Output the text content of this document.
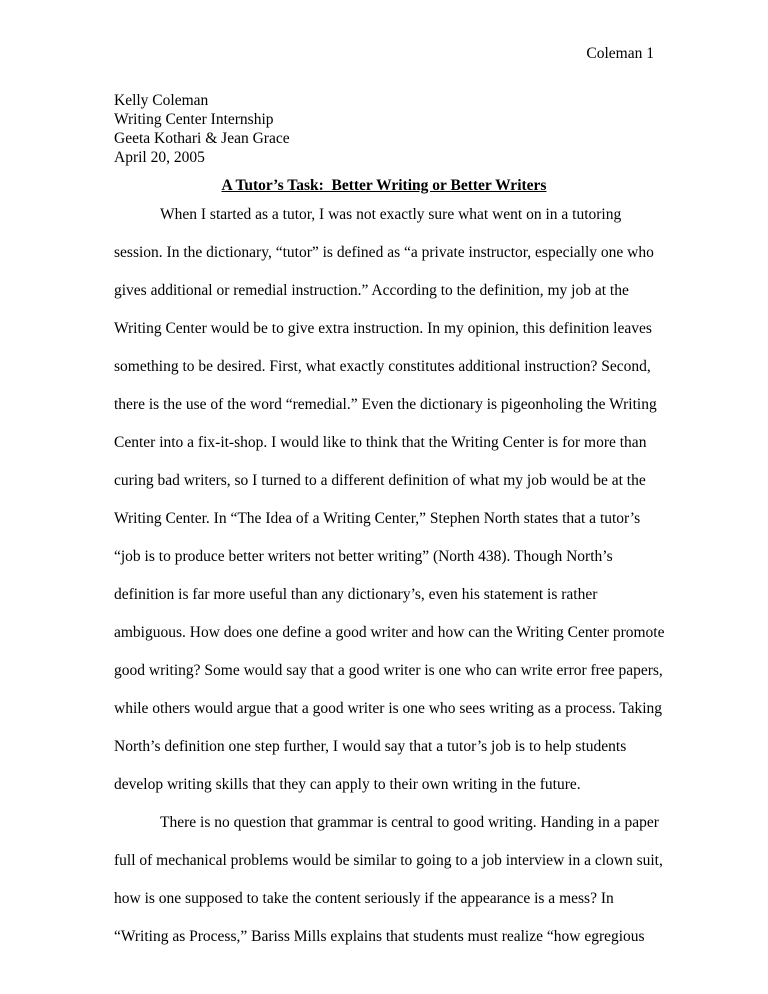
Coleman 1
Kelly Coleman
Writing Center Internship
Geeta Kothari & Jean Grace
April 20, 2005
A Tutor’s Task:  Better Writing or Better Writers
When I started as a tutor, I was not exactly sure what went on in a tutoring
session. In the dictionary, “tutor” is defined as “a private instructor, especially one who
gives additional or remedial instruction.” According to the definition, my job at the
Writing Center would be to give extra instruction. In my opinion, this definition leaves
something to be desired. First, what exactly constitutes additional instruction? Second,
there is the use of the word “remedial.” Even the dictionary is pigeonholing the Writing
Center into a fix-it-shop. I would like to think that the Writing Center is for more than
curing bad writers, so I turned to a different definition of what my job would be at the
Writing Center. In “The Idea of a Writing Center,” Stephen North states that a tutor’s
“job is to produce better writers not better writing” (North 438). Though North’s
definition is far more useful than any dictionary’s, even his statement is rather
ambiguous. How does one define a good writer and how can the Writing Center promote
good writing? Some would say that a good writer is one who can write error free papers,
while others would argue that a good writer is one who sees writing as a process. Taking
North’s definition one step further, I would say that a tutor’s job is to help students
develop writing skills that they can apply to their own writing in the future.
There is no question that grammar is central to good writing. Handing in a paper
full of mechanical problems would be similar to going to a job interview in a clown suit,
how is one supposed to take the content seriously if the appearance is a mess? In
“Writing as Process,” Bariss Mills explains that students must realize “how egregious
